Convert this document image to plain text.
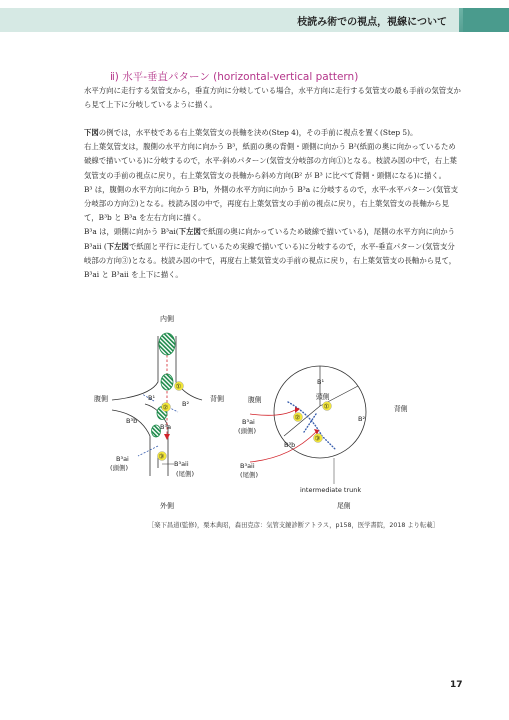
枝読み術での視点，視線について
ⅱ) 水平-垂直パターン (horizontal-vertical pattern)

水平方向に走行する気管支から，垂直方向に分岐している場合，水平方向に走行する気管支の最も手前の気管支から見て上下に分岐しているように描く。

下図の例では，水平枝である右上葉気管支の長軸を決め(Step 4)，その手前に視点を置く(Step 5)。
右上葉気管支は，腹側の水平方向に向かう B³，紙面の奥の背側・頭側に向かう B²(紙面の奥に向かっているため破線で描いている)に分岐するので，水平-斜めパターン(気管支分岐部の方向①)となる。枝読み図の中で，右上葉気管支の手前の視点に戻り，右上葉気管支の長軸から斜め方向(B² が B³ に比べて背側・頭側になる)に描く。
B³ は，腹側の水平方向に向かう B³b，外側の水平方向に向かう B³a に分岐するので，水平-水平パターン(気管支分岐部の方向②)となる。枝読み図の中で，再度右上葉気管支の手前の視点に戻り，右上葉気管支の長軸から見て，B³b と B³a を左右方向に描く。
B³a は，頭側に向かう B³ai(下左図で紙面の奥に向かっているため破線で描いている)，尾側の水平方向に向かう B³aii (下左図で紙面と平行に走行しているため実線で描いている)に分岐するので，水平-垂直パターン(気管支分岐部の方向③)となる。枝読み図の中で，再度右上葉気管支の手前の視点に戻り，右上葉気管支の長軸から見て，B³ai と B³aii を上下に描く。

内側
外側
腹側	背側
①
②
③
B¹
B²
B³b
B³a
B³ai
(頭側)	B³aii
(尾側)
①
②
③
頭側
腹側
背側
尾側
B¹
B²
B³b
B³ai
(頭側)
B³aii
(尾側)
intermediate trunk
［楽下昌道(監修)，栗本典昭，森田克彦：気管支鏡診断アトラス，p158，医学書院，2018 より転載］
17
